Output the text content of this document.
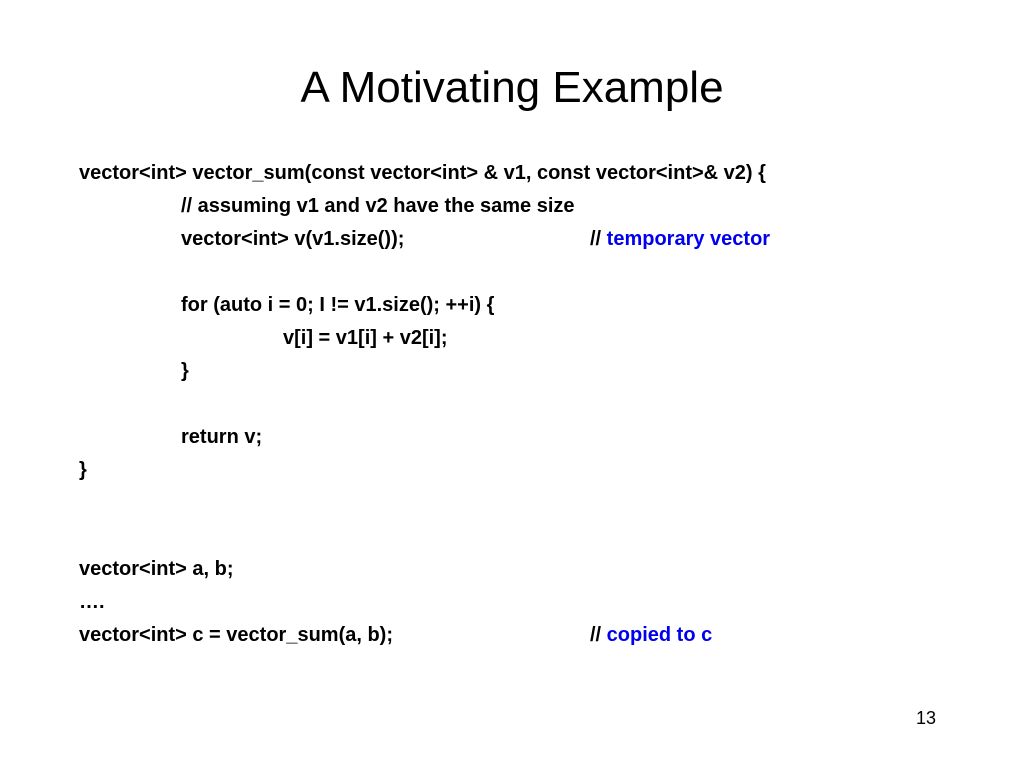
A Motivating Example
vector<int> vector_sum(const vector<int> & v1, const vector<int>& v2) {
// assuming v1 and v2 have the same size
vector<int> v(v1.size());	// temporary vector
for (auto i = 0; I != v1.size(); ++i) {
v[i] = v1[i] + v2[i];
}
return v;
}
vector<int> a, b;
….
vector<int> c = vector_sum(a, b);	// copied to c
13
